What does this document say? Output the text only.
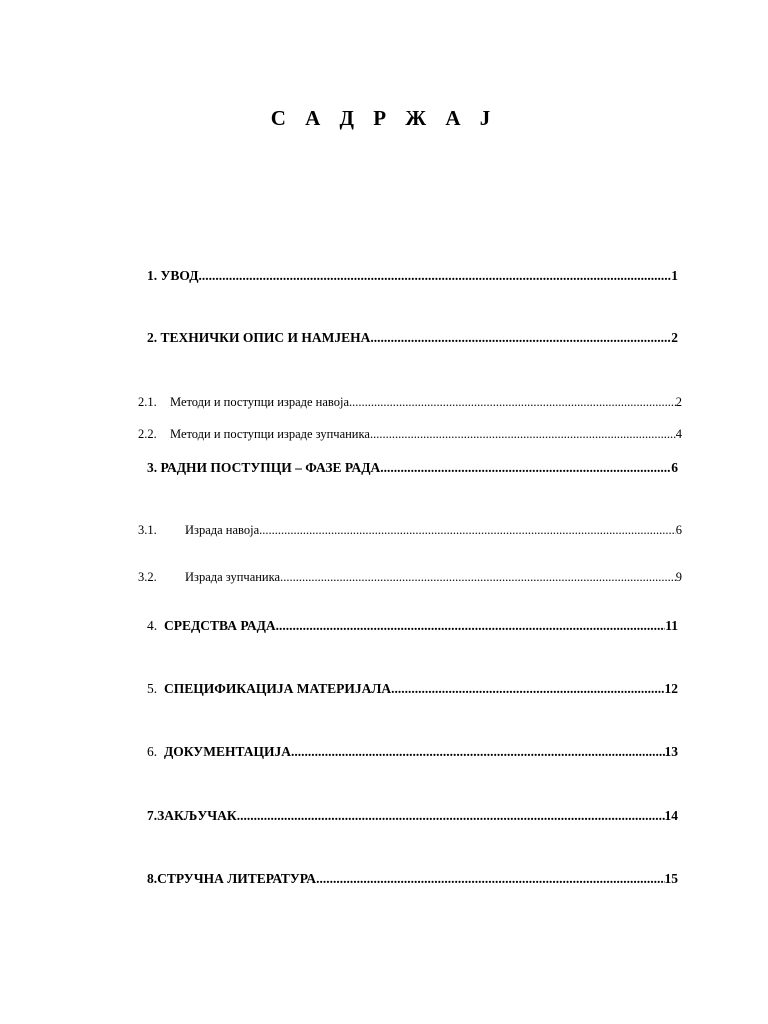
С А Д Р Ж А Ј
1. УВОД .....	1
2. ТЕХНИЧКИ ОПИС И НАМЈЕНА .....	2
2.1.	Методи и поступци израде навоја .....	2
2.2.	Методи и поступци израде зупчаника .....	4
3. РАДНИ ПОСТУПЦИ – ФАЗЕ РАДА .....	6
3.1.	Израда навоја .....	6
3.2.	Израда зупчаника .....	9
4. СРЕДСТВА РАДА .....	11
5. СПЕЦИФИКАЦИЈА МАТЕРИЈАЛА .....	12
6. ДОКУМЕНТАЦИЈА .....	13
7.ЗАКЉУЧАК .....	14
8.СТРУЧНА ЛИТЕРАТУРА .....	15
